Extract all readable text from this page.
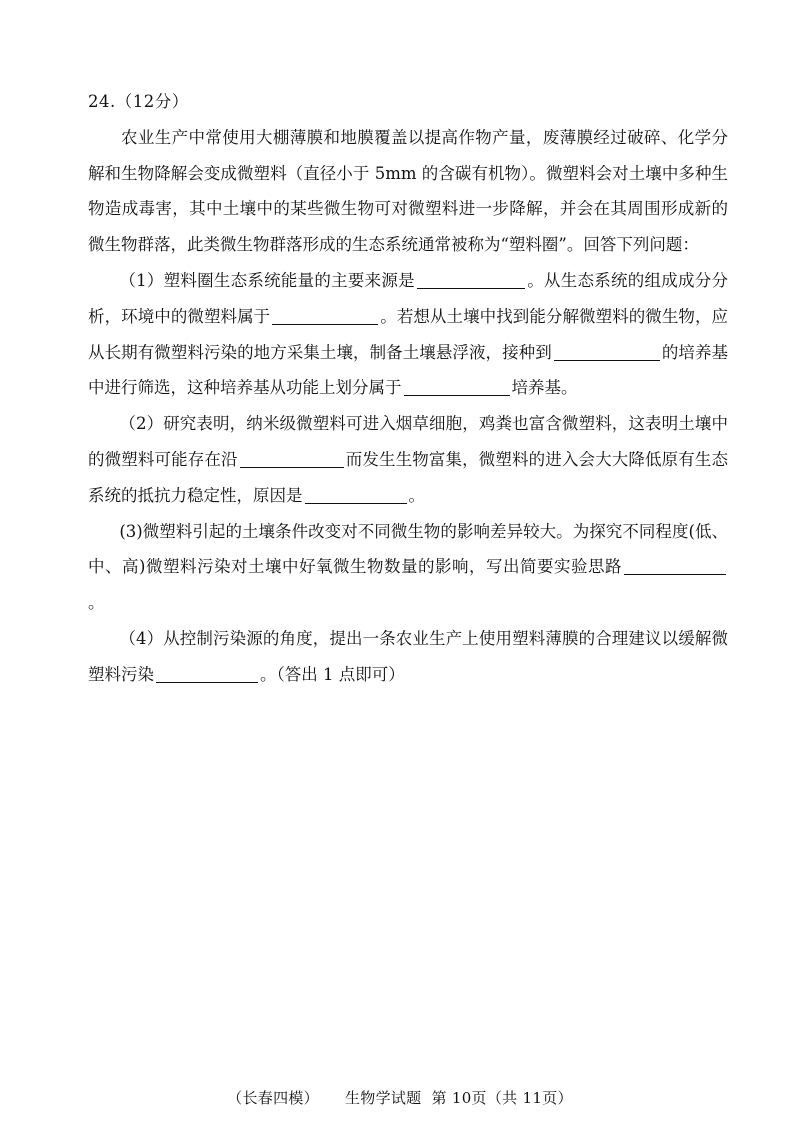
24.（12分）

农业生产中常使用大棚薄膜和地膜覆盖以提高作物产量，废薄膜经过破碎、化学分解和生物降解会变成微塑料（直径小于 5mm 的含碳有机物）。微塑料会对土壤中多种生物造成毒害，其中土壤中的某些微生物可对微塑料进一步降解，并会在其周围形成新的微生物群落，此类微生物群落形成的生态系统通常被称为“塑料圈”。回答下列问题：

（1）塑料圈生态系统能量的主要来源是	。从生态系统的组成成分分析，环境中的微塑料属于	。若想从土壤中找到能分解微塑料的微生物，应从长期有微塑料污染的地方采集土壤，制备土壤悬浮液，接种到	的培养基中进行筛选，这种培养基从功能上划分属于	培养基。

（2）研究表明，纳米级微塑料可进入烟草细胞，鸡粪也富含微塑料，这表明土壤中的微塑料可能存在沿	而发生生物富集，微塑料的进入会大大降低原有生态系统的抵抗力稳定性，原因是	。

(3)微塑料引起的土壤条件改变对不同微生物的影响差异较大。为探究不同程度(低、中、高)微塑料污染对土壤中好氧微生物数量的影响，写出简要实验思路。

（4）从控制污染源的角度，提出一条农业生产上使用塑料薄膜的合理建议以缓解微塑料污染	。（答出 1 点即可）

（长春四模） 生物学试题 第 10页（共 11页）
